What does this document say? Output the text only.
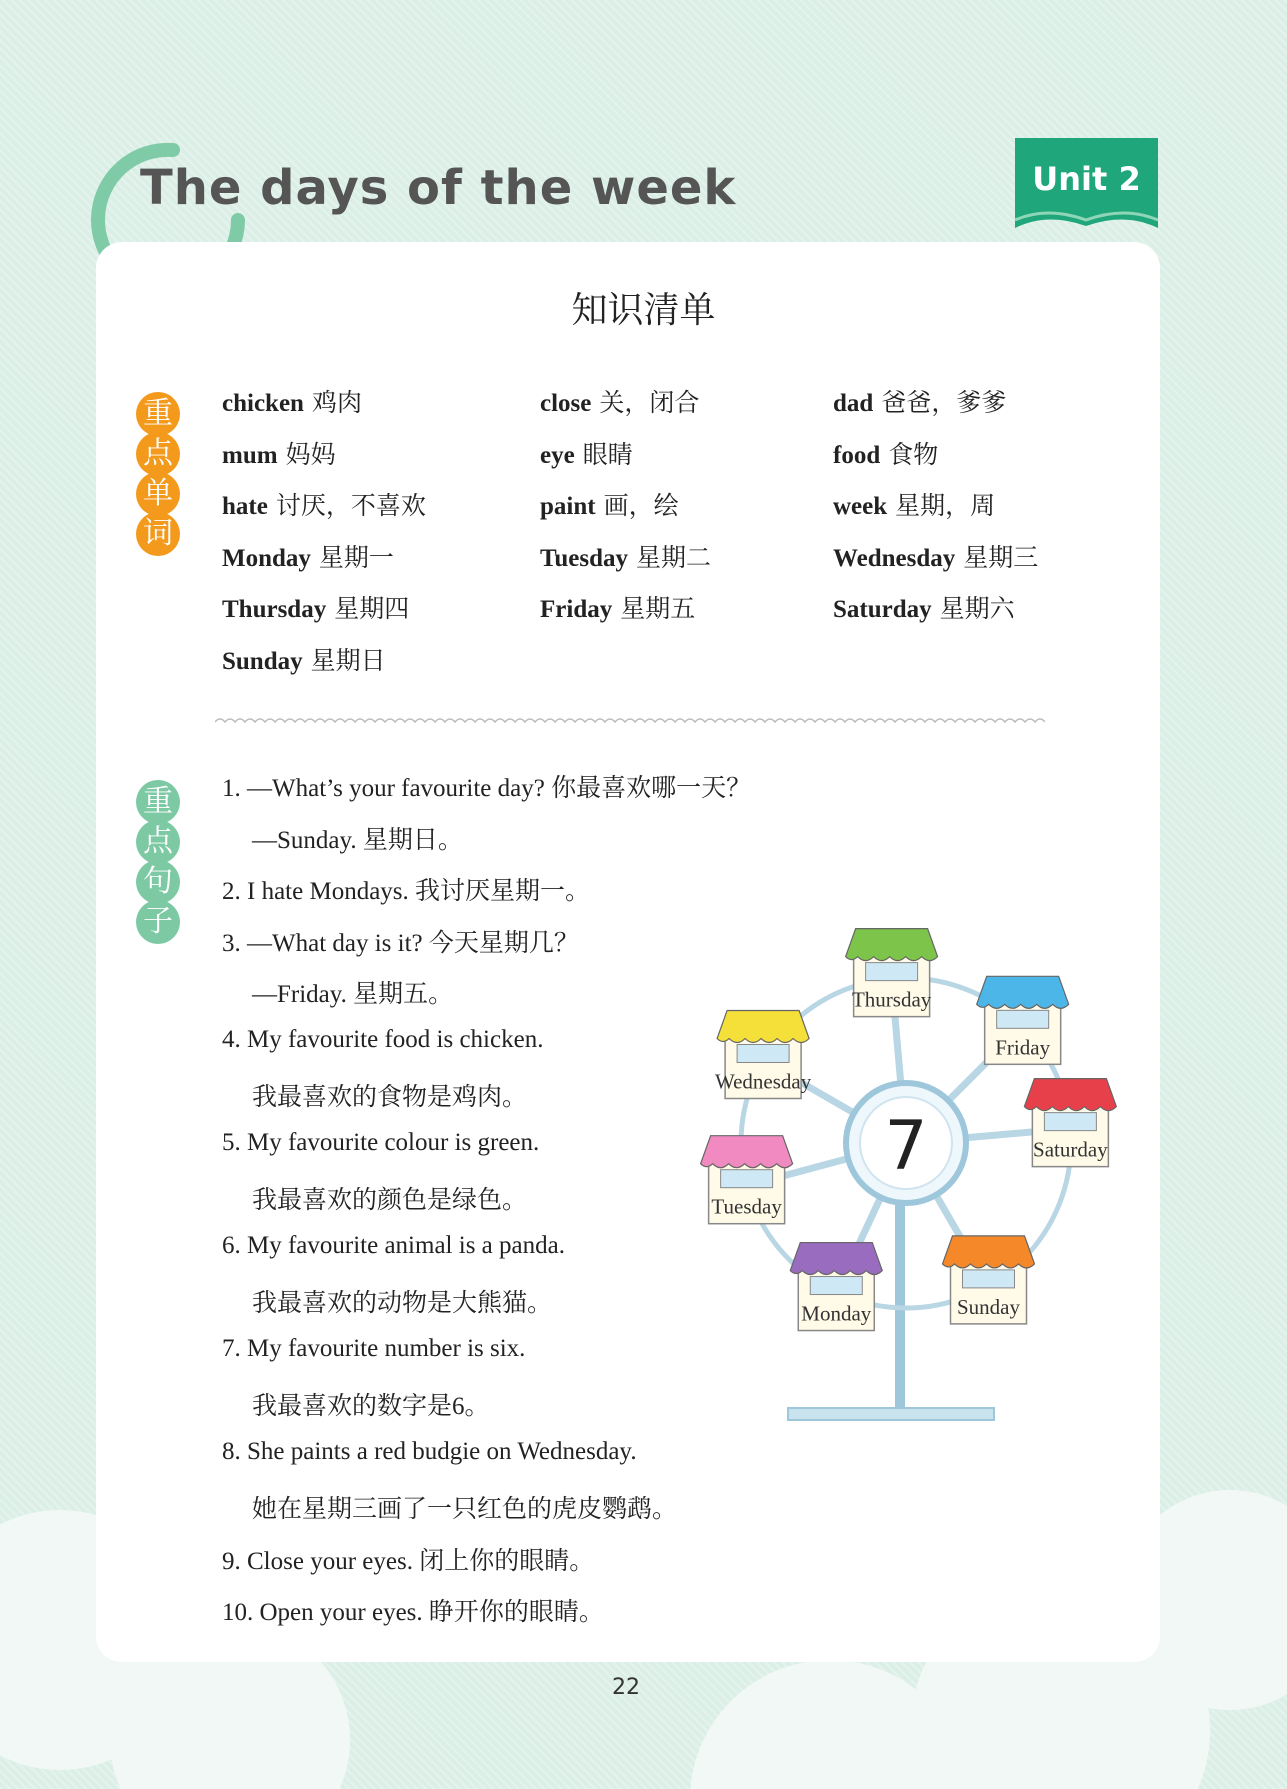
The days of the week	Unit 2
知识清单
重
点
单
词
chicken 鸡肉	close 关，闭合	dad 爸爸，爹爹
mum 妈妈	eye 眼睛	food 食物
hate 讨厌，不喜欢	paint 画，绘	week 星期，周
Monday 星期一	Tuesday 星期二	Wednesday 星期三
Thursday 星期四	Friday 星期五	Saturday 星期六
Sunday 星期日
重
点
句
子
1. —What’s your favourite day? 你最喜欢哪一天？
—Sunday. 星期日。
2. I hate Mondays. 我讨厌星期一。
3. —What day is it? 今天星期几？
—Friday. 星期五。
4. My favourite food is chicken.
我最喜欢的食物是鸡肉。
5. My favourite colour is green.
我最喜欢的颜色是绿色。
6. My favourite animal is a panda.
我最喜欢的动物是大熊猫。
7. My favourite number is six.
我最喜欢的数字是6。
8. She paints a red budgie on Wednesday.
她在星期三画了一只红色的虎皮鹦鹉。
9. Close your eyes. 闭上你的眼睛。
10. Open your eyes. 睁开你的眼睛。
Thursday
Friday
Wednesday
Saturday
Tuesday
Monday	Sunday
7
22
